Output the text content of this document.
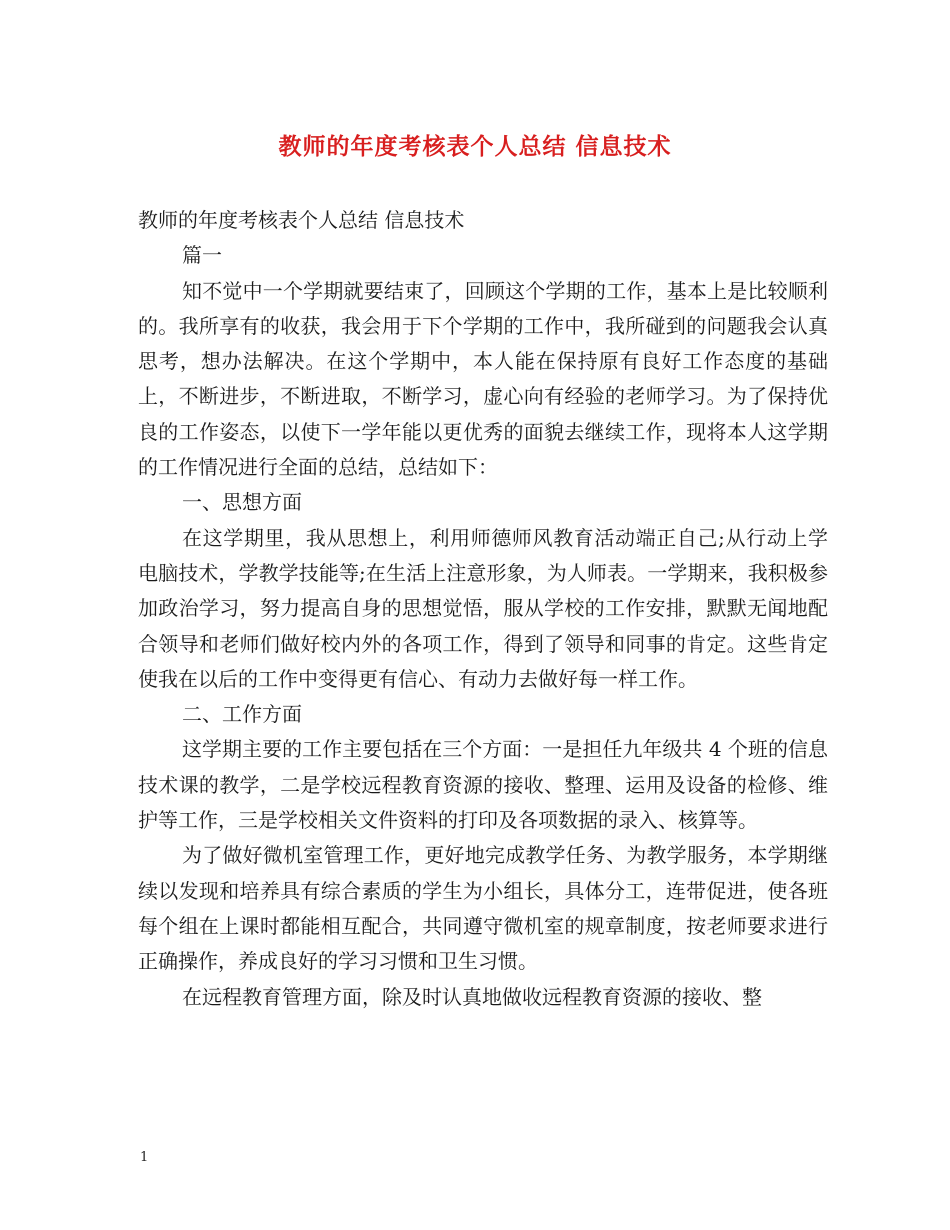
教师的年度考核表个人总结 信息技术

教师的年度考核表个人总结 信息技术

篇一

知不觉中一个学期就要结束了，回顾这个学期的工作，基本上是比较顺利的。我所享有的收获，我会用于下个学期的工作中，我所碰到的问题我会认真思考，想办法解决。在这个学期中，本人能在保持原有良好工作态度的基础上，不断进步，不断进取，不断学习，虚心向有经验的老师学习。为了保持优良的工作姿态，以使下一学年能以更优秀的面貌去继续工作，现将本人这学期的工作情况进行全面的总结，总结如下：

一、思想方面

在这学期里，我从思想上，利用师德师风教育活动端正自己;从行动上学电脑技术，学教学技能等;在生活上注意形象，为人师表。一学期来，我积极参加政治学习，努力提高自身的思想觉悟，服从学校的工作安排，默默无闻地配合领导和老师们做好校内外的各项工作，得到了领导和同事的肯定。这些肯定使我在以后的工作中变得更有信心、有动力去做好每一样工作。

二、工作方面

这学期主要的工作主要包括在三个方面：一是担任九年级共 4 个班的信息技术课的教学，二是学校远程教育资源的接收、整理、运用及设备的检修、维护等工作，三是学校相关文件资料的打印及各项数据的录入、核算等。

为了做好微机室管理工作，更好地完成教学任务、为教学服务，本学期继续以发现和培养具有综合素质的学生为小组长，具体分工，连带促进，使各班每个组在上课时都能相互配合，共同遵守微机室的规章制度，按老师要求进行正确操作，养成良好的学习习惯和卫生习惯。

在远程教育管理方面，除及时认真地做收远程教育资源的接收、整

1
